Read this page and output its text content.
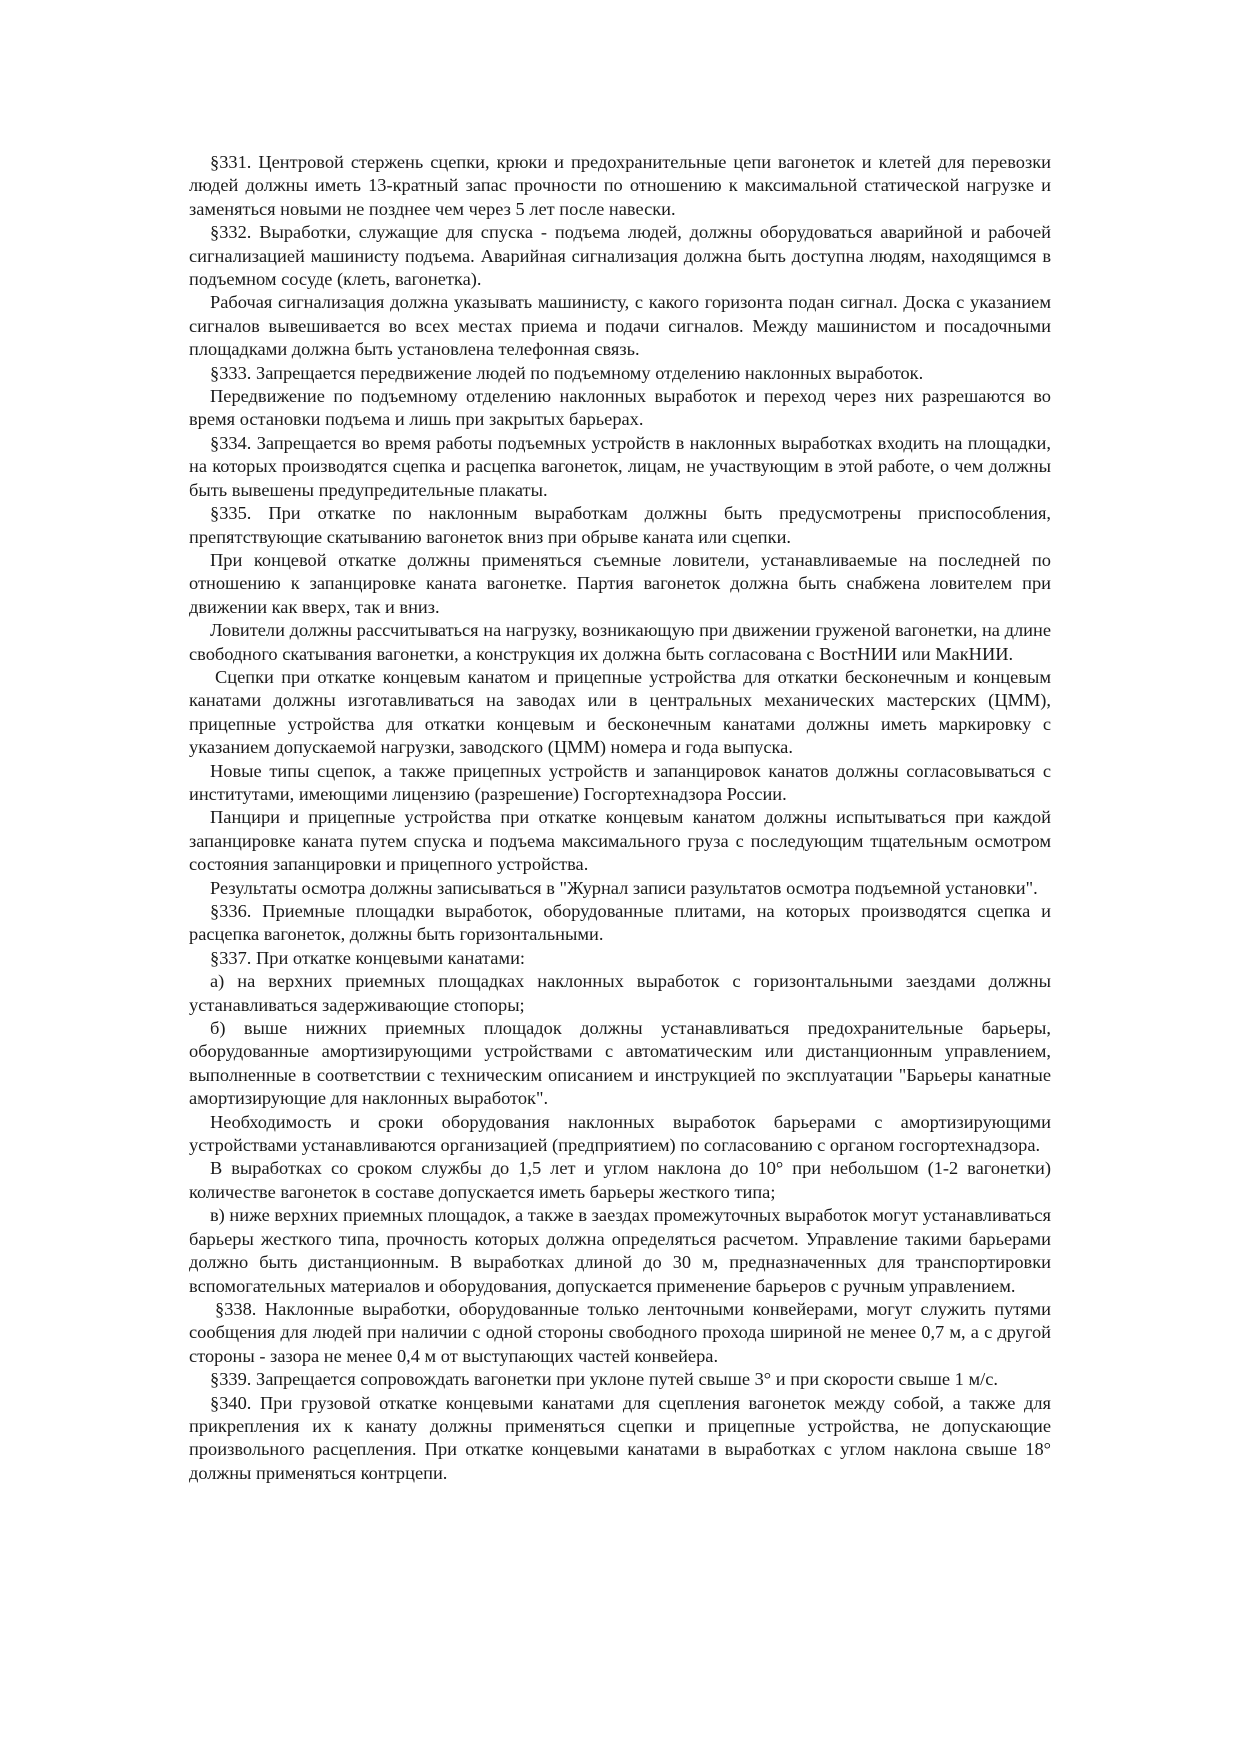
§331. Центровой стержень сцепки, крюки и предохранительные цепи вагонеток и клетей для перевозки людей должны иметь 13-кратный запас прочности по отношению к максимальной статической нагрузке и заменяться новыми не позднее чем через 5 лет после навески.

§332. Выработки, служащие для спуска - подъема людей, должны оборудоваться аварийной и рабочей сигнализацией машинисту подъема. Аварийная сигнализация должна быть доступна людям, находящимся в подъемном сосуде (клеть, вагонетка).

Рабочая сигнализация должна указывать машинисту, с какого горизонта подан сигнал. Доска с указанием сигналов вывешивается во всех местах приема и подачи сигналов. Между машинистом и посадочными площадками должна быть установлена телефонная связь.

§333. Запрещается передвижение людей по подъемному отделению наклонных выработок.

Передвижение по подъемному отделению наклонных выработок и переход через них разрешаются во время остановки подъема и лишь при закрытых барьерах.

§334. Запрещается во время работы подъемных устройств в наклонных выработках входить на площадки, на которых производятся сцепка и расцепка вагонеток, лицам, не участвующим в этой работе, о чем должны быть вывешены предупредительные плакаты.

§335. При откатке по наклонным выработкам должны быть предусмотрены приспособления, препятствующие скатыванию вагонеток вниз при обрыве каната или сцепки.

При концевой откатке должны применяться съемные ловители, устанавливаемые на последней по отношению к запанцировке каната вагонетке. Партия вагонеток должна быть снабжена ловителем при движении как вверх, так и вниз.

Ловители должны рассчитываться на нагрузку, возникающую при движении груженой вагонетки, на длине свободного скатывания вагонетки, а конструкция их должна быть согласована с ВостНИИ или МакНИИ.

Сцепки при откатке концевым канатом и прицепные устройства для откатки бесконечным и концевым канатами должны изготавливаться на заводах или в центральных механических мастерских (ЦММ), прицепные устройства для откатки концевым и бесконечным канатами должны иметь маркировку с указанием допускаемой нагрузки, заводского (ЦММ) номера и года выпуска.

Новые типы сцепок, а также прицепных устройств и запанцировок канатов должны согласовываться с институтами, имеющими лицензию (разрешение) Госгортехнадзора России.

Панцири и прицепные устройства при откатке концевым канатом должны испытываться при каждой запанцировке каната путем спуска и подъема максимального груза с последующим тщательным осмотром состояния запанцировки и прицепного устройства.

Результаты осмотра должны записываться в "Журнал записи разультатов осмотра подъемной установки".

§336. Приемные площадки выработок, оборудованные плитами, на которых производятся сцепка и расцепка вагонеток, должны быть горизонтальными.

§337. При откатке концевыми канатами:

а) на верхних приемных площадках наклонных выработок с горизонтальными заездами должны устанавливаться задерживающие стопоры;

б) выше нижних приемных площадок должны устанавливаться предохранительные барьеры, оборудованные амортизирующими устройствами с автоматическим или дистанционным управлением, выполненные в соответствии с техническим описанием и инструкцией по эксплуатации "Барьеры канатные амортизирующие для наклонных выработок".

Необходимость и сроки оборудования наклонных выработок барьерами с амортизирующими устройствами устанавливаются организацией (предприятием) по согласованию с органом госгортехнадзора.

В выработках со сроком службы до 1,5 лет и углом наклона до 10° при небольшом (1-2 вагонетки) количестве вагонеток в составе допускается иметь барьеры жесткого типа;

в) ниже верхних приемных площадок, а также в заездах промежуточных выработок могут устанавливаться барьеры жесткого типа, прочность которых должна определяться расчетом. Управление такими барьерами должно быть дистанционным. В выработках длиной до 30 м, предназначенных для транспортировки вспомогательных материалов и оборудования, допускается применение барьеров с ручным управлением.

§338. Наклонные выработки, оборудованные только ленточными конвейерами, могут служить путями сообщения для людей при наличии с одной стороны свободного прохода шириной не менее 0,7 м, а с другой стороны - зазора не менее 0,4 м от выступающих частей конвейера.

§339. Запрещается сопровождать вагонетки при уклоне путей свыше 3° и при скорости свыше 1 м/с.

§340. При грузовой откатке концевыми канатами для сцепления вагонеток между собой, а также для прикрепления их к канату должны применяться сцепки и прицепные устройства, не допускающие произвольного расцепления. При откатке концевыми канатами в выработках с углом наклона свыше 18° должны применяться контрцепи.
